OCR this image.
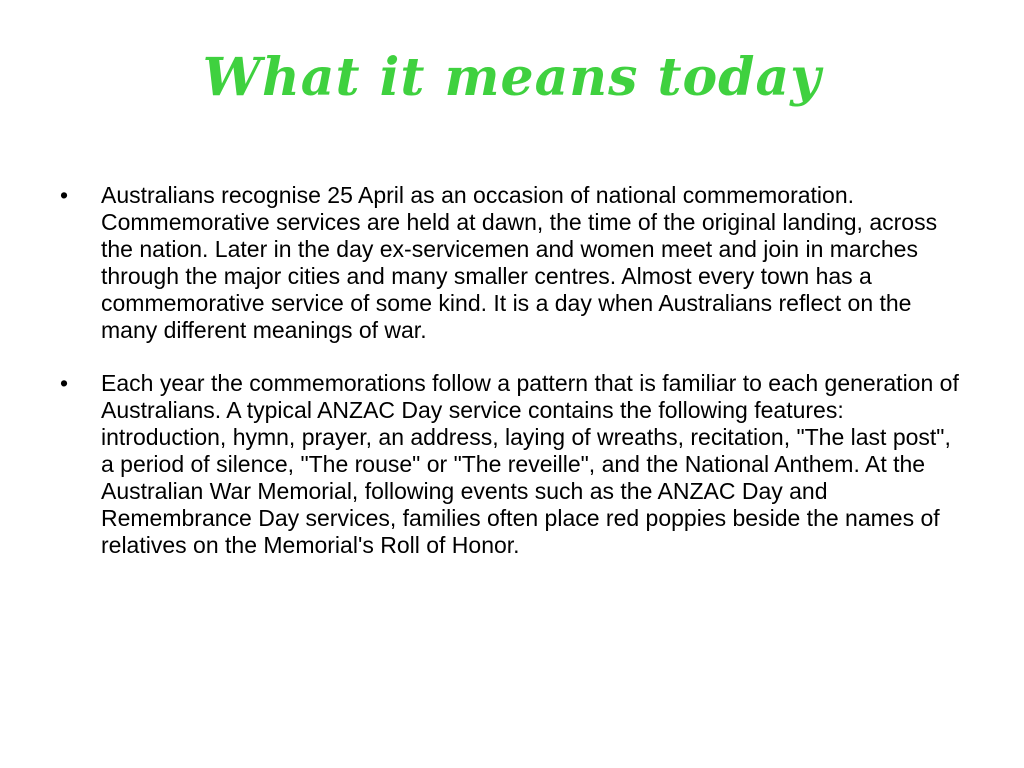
What it means today
•	Australians recognise 25 April as an occasion of national commemoration. Commemorative services are held at dawn, the time of the original landing, across the nation. Later in the day ex-servicemen and women meet and join in marches through the major cities and many smaller centres. Almost every town has a commemorative service of some kind. It is a day when Australians reflect on the many different meanings of war.
•	Each year the commemorations follow a pattern that is familiar to each generation of Australians. A typical ANZAC Day service contains the following features: introduction, hymn, prayer, an address, laying of wreaths, recitation, "The last post", a period of silence, "The rouse" or "The reveille", and the National Anthem. At the Australian War Memorial, following events such as the ANZAC Day and Remembrance Day services, families often place red poppies beside the names of relatives on the Memorial's Roll of Honor.
